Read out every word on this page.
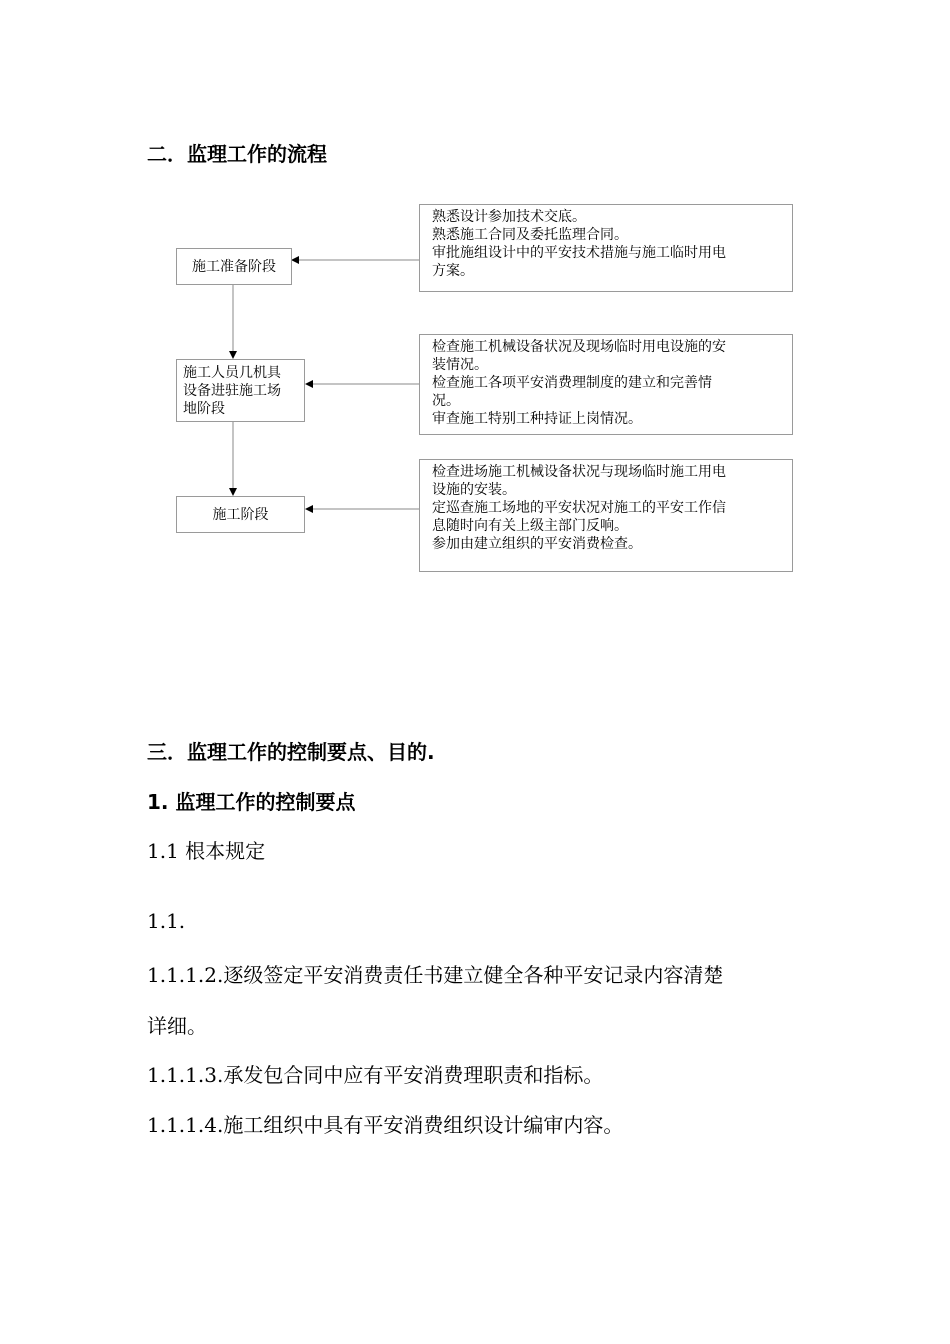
二．监理工作的流程
施工准备阶段
施工人员几机具设备进驻施工场地阶段
施工阶段
熟悉设计参加技术交底。
熟悉施工合同及委托监理合同。
审批施组设计中的平安技术措施与施工临时用电
方案。
检查施工机械设备状况及现场临时用电设施的安
装情况。
检查施工各项平安消费理制度的建立和完善情
况。
审查施工特别工种持证上岗情况。
检查进场施工机械设备状况与现场临时施工用电
设施的安装。
定巡查施工场地的平安状况对施工的平安工作信
息随时向有关上级主部门反响。
参加由建立组织的平安消费检查。
三．监理工作的控制要点、目的.
1. 监理工作的控制要点
1.1 根本规定
1.1.
1.1.1.2.逐级签定平安消费责任书建立健全各种平安记录内容清楚
详细。
1.1.1.3.承发包合同中应有平安消费理职责和指标。
1.1.1.4.施工组织中具有平安消费组织设计编审内容。
